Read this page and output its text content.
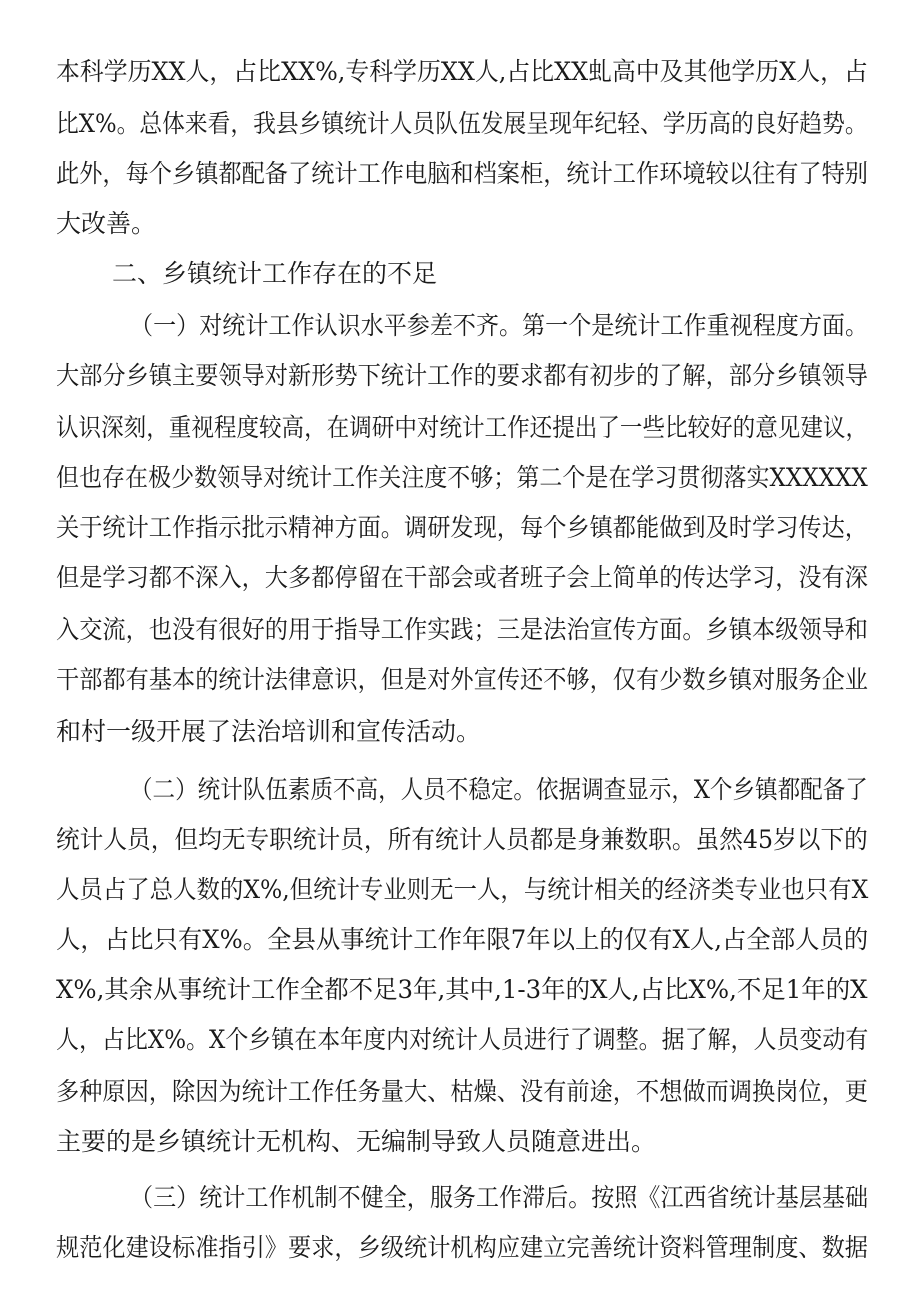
本科学历XX人，占比XX%,专科学历XX人,占比XX虬高中及其他学历X人，占
比X%。总体来看，我县乡镇统计人员队伍发展呈现年纪轻、学历高的良好趋势。
此外，每个乡镇都配备了统计工作电脑和档案柜，统计工作环境较以往有了特别
大改善。
二、乡镇统计工作存在的不足
（一）对统计工作认识水平参差不齐。第一个是统计工作重视程度方面。
大部分乡镇主要领导对新形势下统计工作的要求都有初步的了解，部分乡镇领导
认识深刻，重视程度较高，在调研中对统计工作还提出了一些比较好的意见建议，
但也存在极少数领导对统计工作关注度不够；第二个是在学习贯彻落实XXXXXX
关于统计工作指示批示精神方面。调研发现，每个乡镇都能做到及时学习传达，
但是学习都不深入，大多都停留在干部会或者班子会上简单的传达学习，没有深
入交流，也没有很好的用于指导工作实践；三是法治宣传方面。乡镇本级领导和
干部都有基本的统计法律意识，但是对外宣传还不够，仅有少数乡镇对服务企业
和村一级开展了法治培训和宣传活动。
（二）统计队伍素质不高，人员不稳定。依据调查显示，X个乡镇都配备了
统计人员，但均无专职统计员，所有统计人员都是身兼数职。虽然45岁以下的
人员占了总人数的X%,但统计专业则无一人，与统计相关的经济类专业也只有X
人，占比只有X%。全县从事统计工作年限7年以上的仅有X人,占全部人员的
X%,其余从事统计工作全都不足3年,其中,1-3年的X人,占比X%,不足1年的X
人，占比X%。X个乡镇在本年度内对统计人员进行了调整。据了解，人员变动有
多种原因，除因为统计工作任务量大、枯燥、没有前途，不想做而调换岗位，更
主要的是乡镇统计无机构、无编制导致人员随意进出。
（三）统计工作机制不健全，服务工作滞后。按照《江西省统计基层基础
规范化建设标准指引》要求，乡级统计机构应建立完善统计资料管理制度、数据
